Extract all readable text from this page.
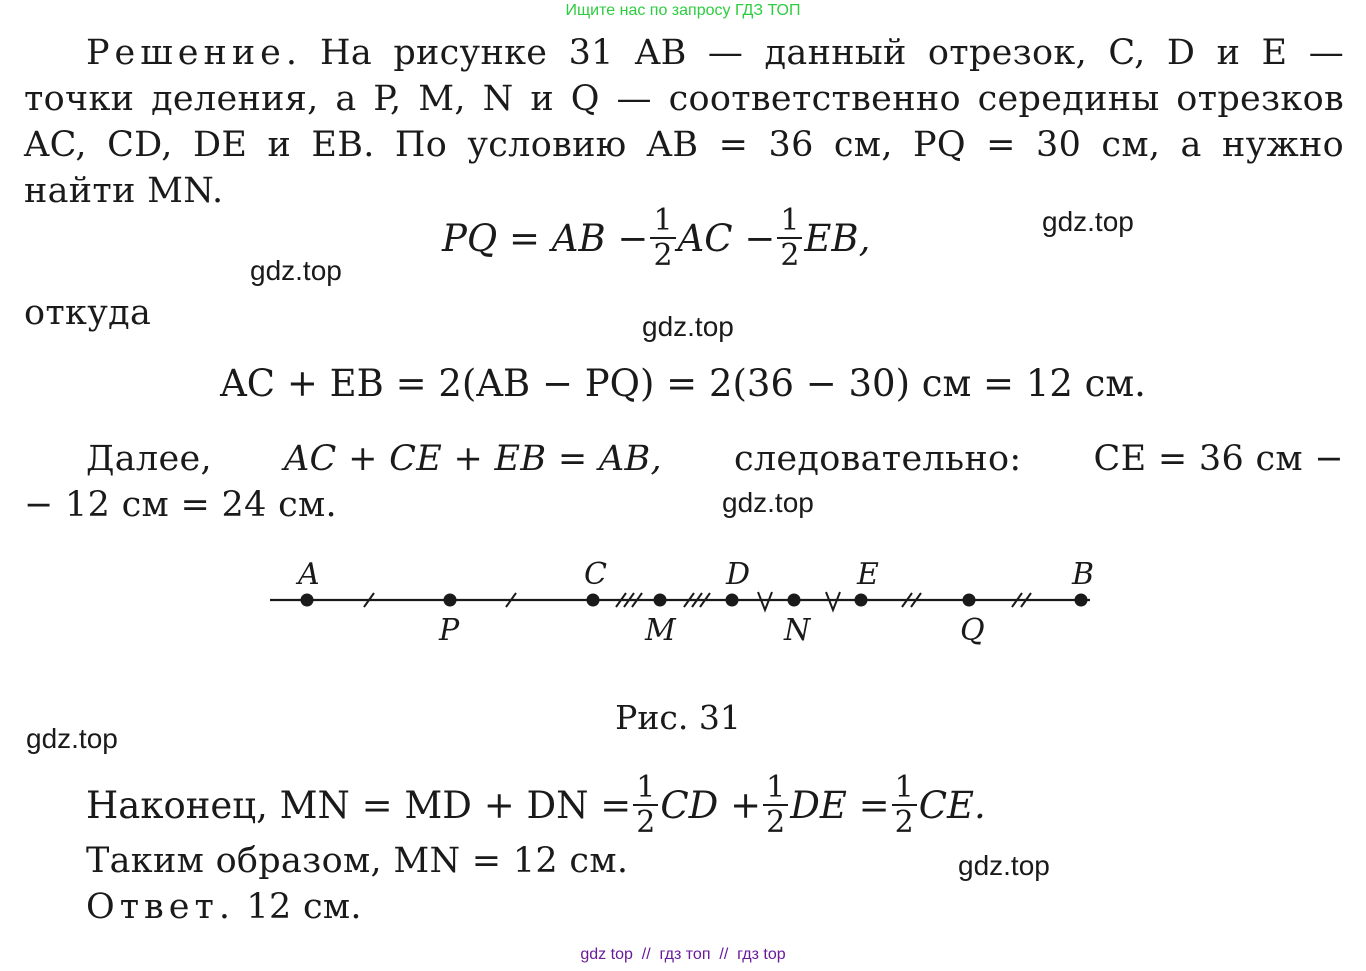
Ищите нас по запросу ГДЗ ТОП
Решение. На рисунке 31 AB — данный отрезок, C, D и E —
точки деления, а P, M, N и Q — соответственно середины отрезков
AC, CD, DE и EB. По условию AB = 36 см, PQ = 30 см, а нужно
найти MN.
PQ = AB − $\frac{1}{2}$ AC − $\frac{1}{2}$ EB,
откуда
AC + EB = 2(AB − PQ) = 2(36 − 30) см = 12 см.
Далее, AC + CE + EB = AB, следовательно: CE = 36 см −
− 12 см = 24 см.
A	C	D	E	B
P	M	N	Q
Рис. 31
Наконец, MN = MD + DN = $\frac{1}{2}$ CD + $\frac{1}{2}$ DE = $\frac{1}{2}$ CE.
Таким образом, MN = 12 см.
Ответ. 12 см.
gdz.top
gdz.top
gdz.top
gdz.top
gdz.top
gdz.top
gdz top  //  гдз топ  //  гдз top
